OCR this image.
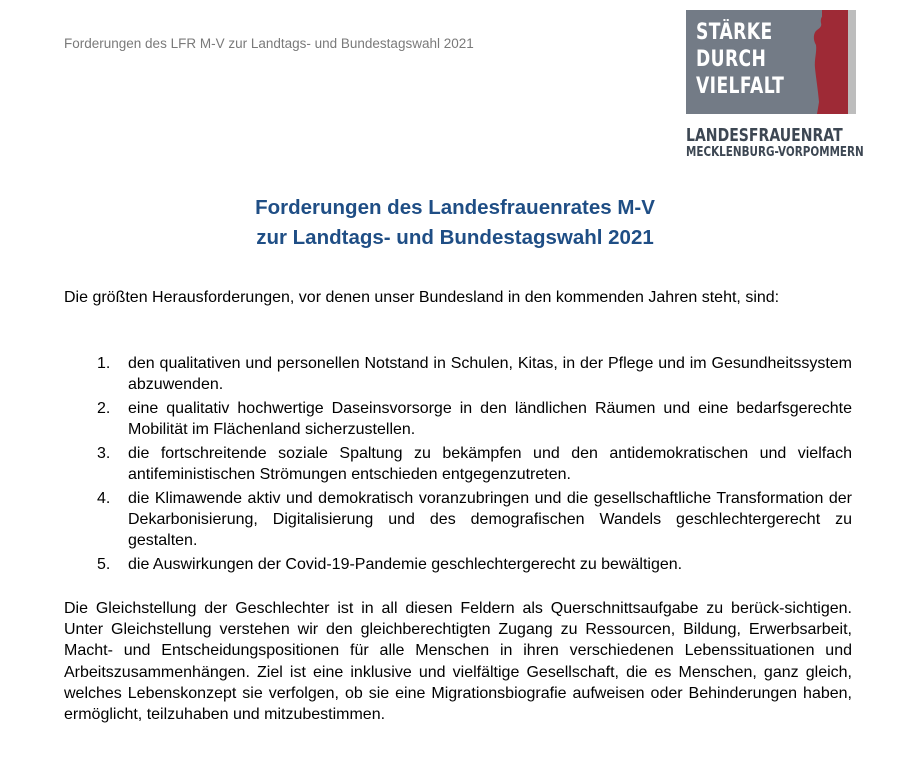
Forderungen des LFR M-V zur Landtags- und Bundestagswahl 2021	STÄRKE
DURCH
VIELFALT
LANDESFRAUENRAT
MECKLENBURG-VORPOMMERN
Forderungen des Landesfrauenrates M-V
zur Landtags- und Bundestagswahl 2021

Die größten Herausforderungen, vor denen unser Bundesland in den kommenden Jahren steht, sind:

1.	den qualitativen und personellen Notstand in Schulen, Kitas, in der Pflege und im Gesundheitssystem abzuwenden.
2.	eine qualitativ hochwertige Daseinsvorsorge in den ländlichen Räumen und eine bedarfsgerechte Mobilität im Flächenland sicherzustellen.
3.	die fortschreitende soziale Spaltung zu bekämpfen und den antidemokratischen und vielfach antifeministischen Strömungen entschieden entgegenzutreten.
4.	die Klimawende aktiv und demokratisch voranzubringen und die gesellschaftliche Transformation der Dekarbonisierung, Digitalisierung und des demografischen Wandels geschlechtergerecht zu gestalten.
5.	die Auswirkungen der Covid-19-Pandemie geschlechtergerecht zu bewältigen.

Die Gleichstellung der Geschlechter ist in all diesen Feldern als Querschnittsaufgabe zu berück-sichtigen. Unter Gleichstellung verstehen wir den gleichberechtigten Zugang zu Ressourcen, Bildung, Erwerbsarbeit, Macht- und Entscheidungspositionen für alle Menschen in ihren verschiedenen Lebenssituationen und Arbeitszusammenhängen. Ziel ist eine inklusive und vielfältige Gesellschaft, die es Menschen, ganz gleich, welches Lebenskonzept sie verfolgen, ob sie eine Migrationsbiografie aufweisen oder Behinderungen haben, ermöglicht, teilzuhaben und mitzubestimmen.
